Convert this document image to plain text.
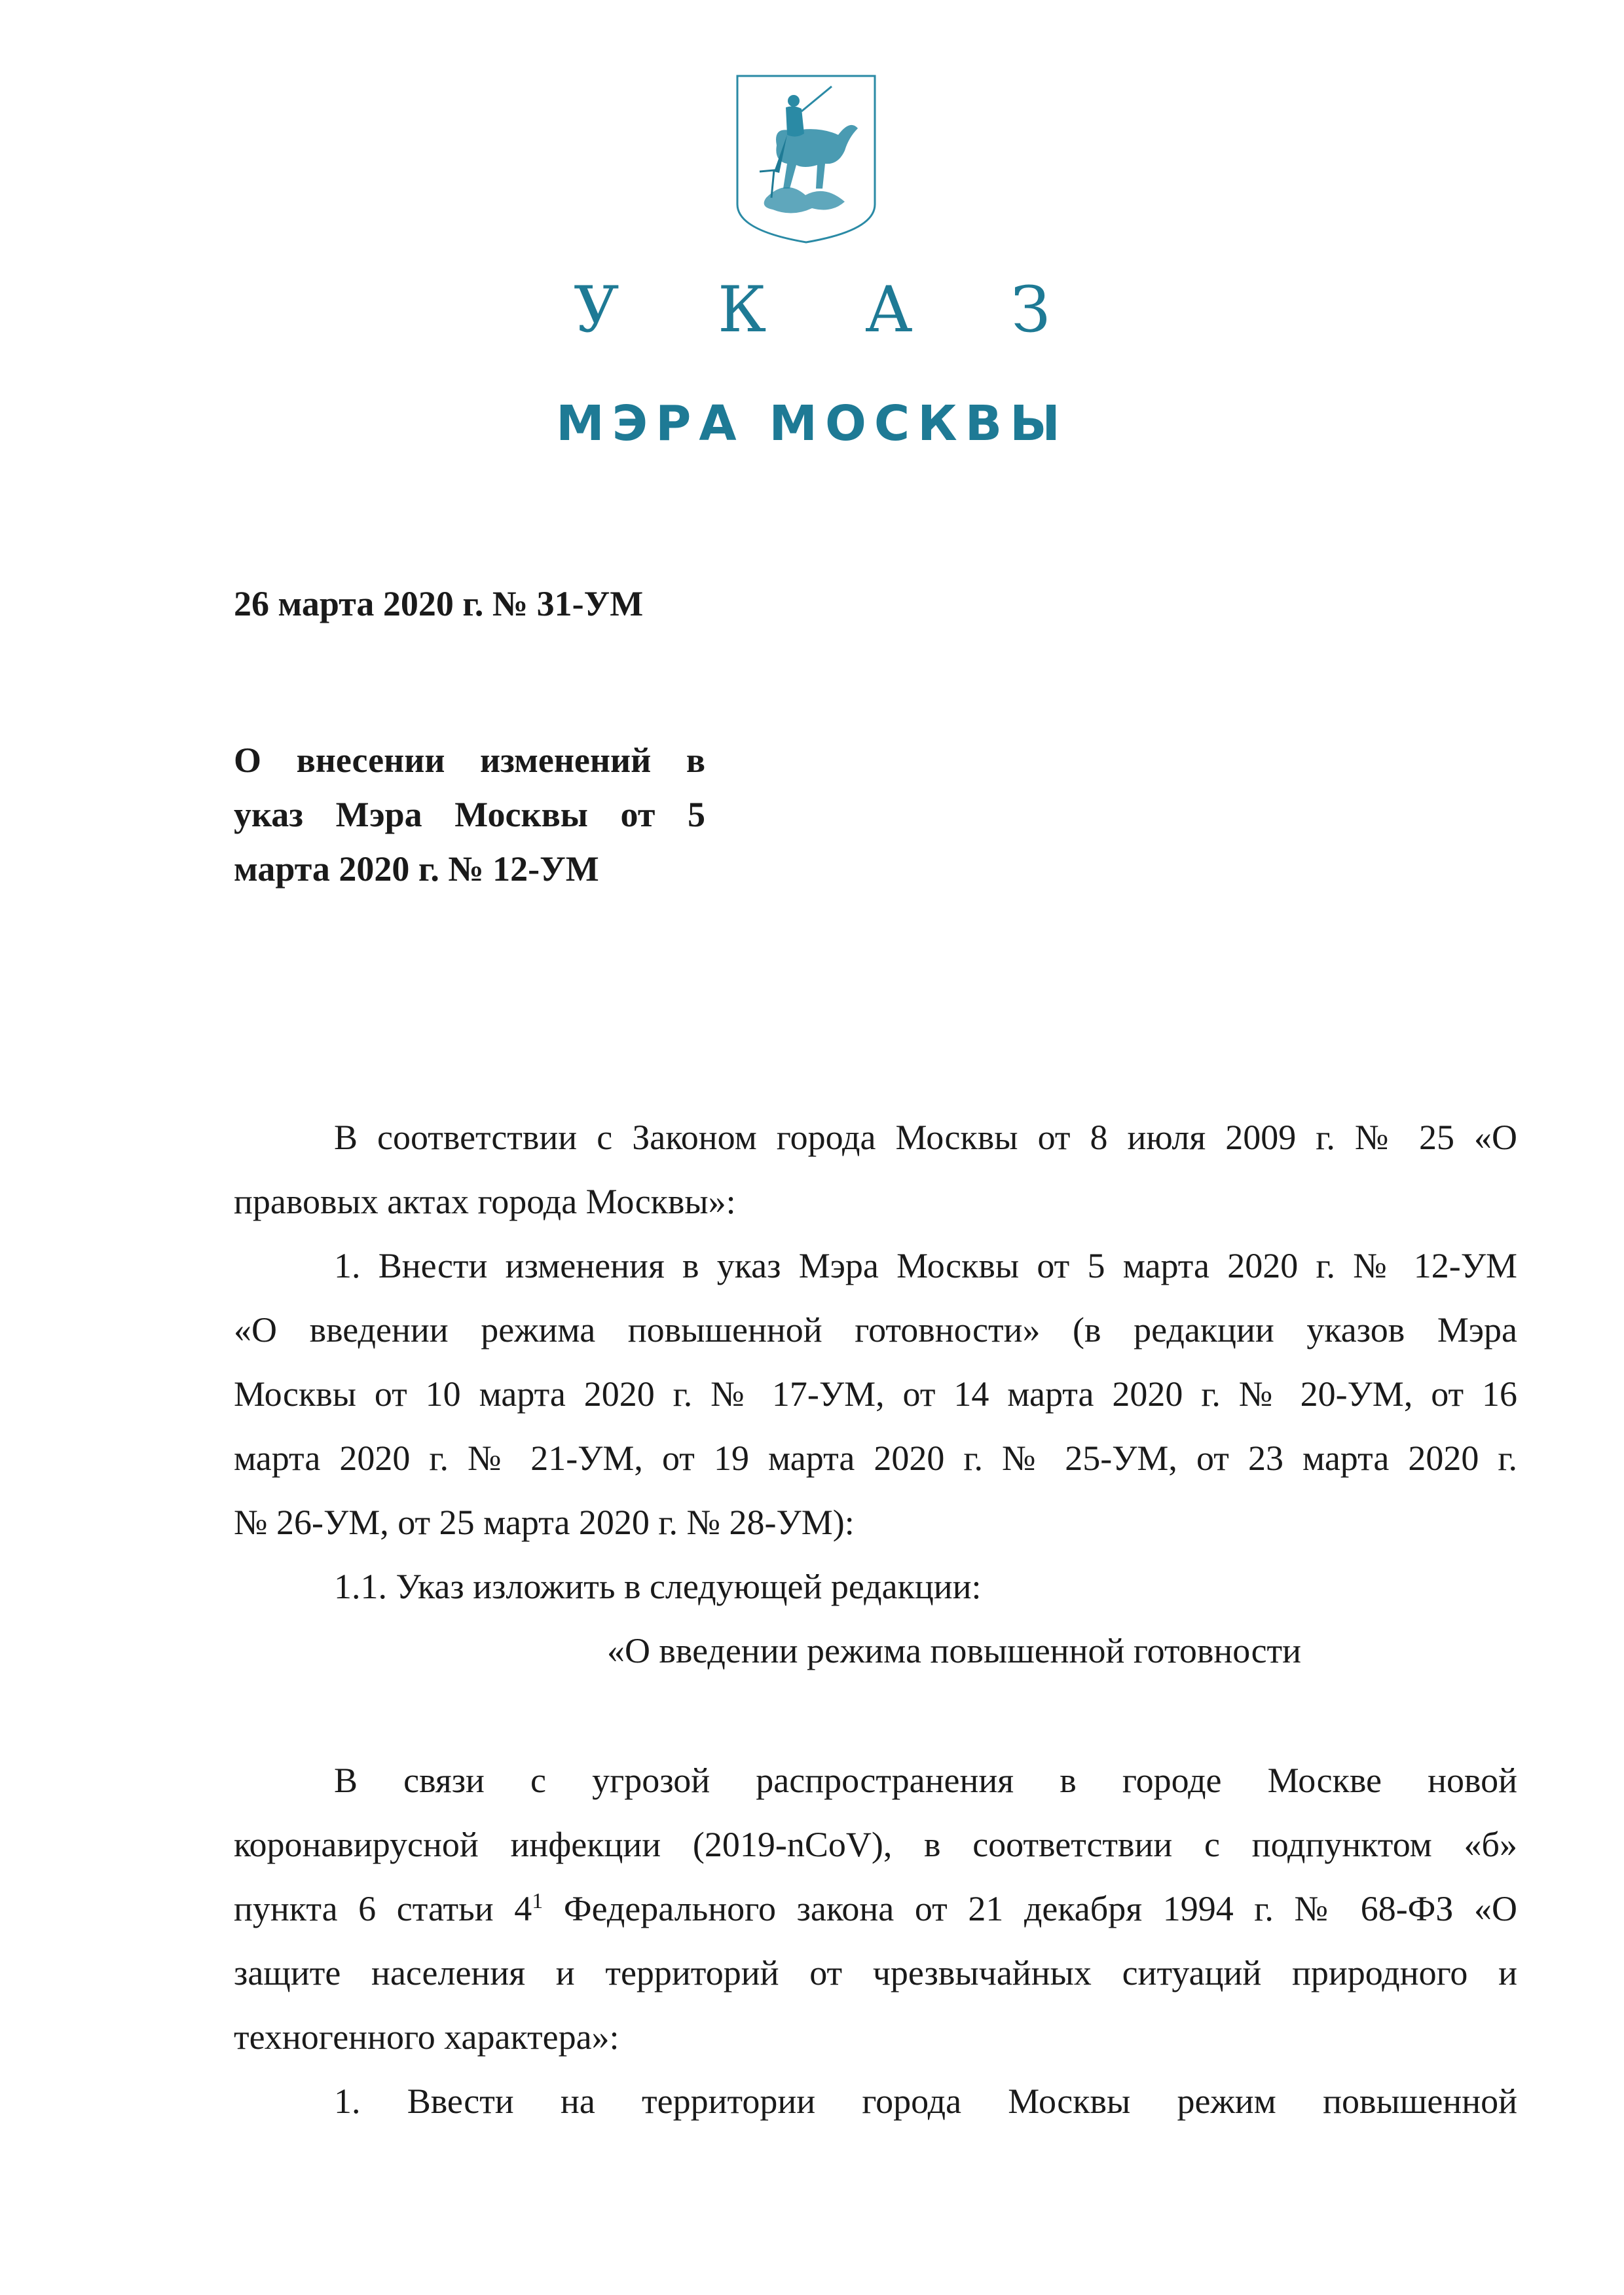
У К А З
МЭРА МОСКВЫ
26 марта 2020 г. № 31-УМ
О внесении изменений в
указ Мэра Москвы от 5
марта 2020 г. № 12-УМ
В соответствии с Законом города Москвы от 8 июля 2009 г. № 25 «О
правовых актах города Москвы»:
1. Внести изменения в указ Мэра Москвы от 5 марта 2020 г. № 12-УМ
«О введении режима повышенной готовности» (в редакции указов Мэра
Москвы от 10 марта 2020 г. № 17-УМ, от 14 марта 2020 г. № 20-УМ, от 16
марта 2020 г. № 21-УМ, от 19 марта 2020 г. № 25-УМ, от 23 марта 2020 г.
№ 26-УМ, от 25 марта 2020 г. № 28-УМ):
1.1. Указ изложить в следующей редакции:
«О введении режима повышенной готовности
В связи с угрозой распространения в городе Москве новой
коронавирусной инфекции (2019-nCoV), в соответствии с подпунктом «б»
пункта 6 статьи $4^1$ Федерального закона от 21 декабря 1994 г. № 68-ФЗ «О
защите населения и территорий от чрезвычайных ситуаций природного и
техногенного характера»:
1. Ввести на территории города Москвы режим повышенной
